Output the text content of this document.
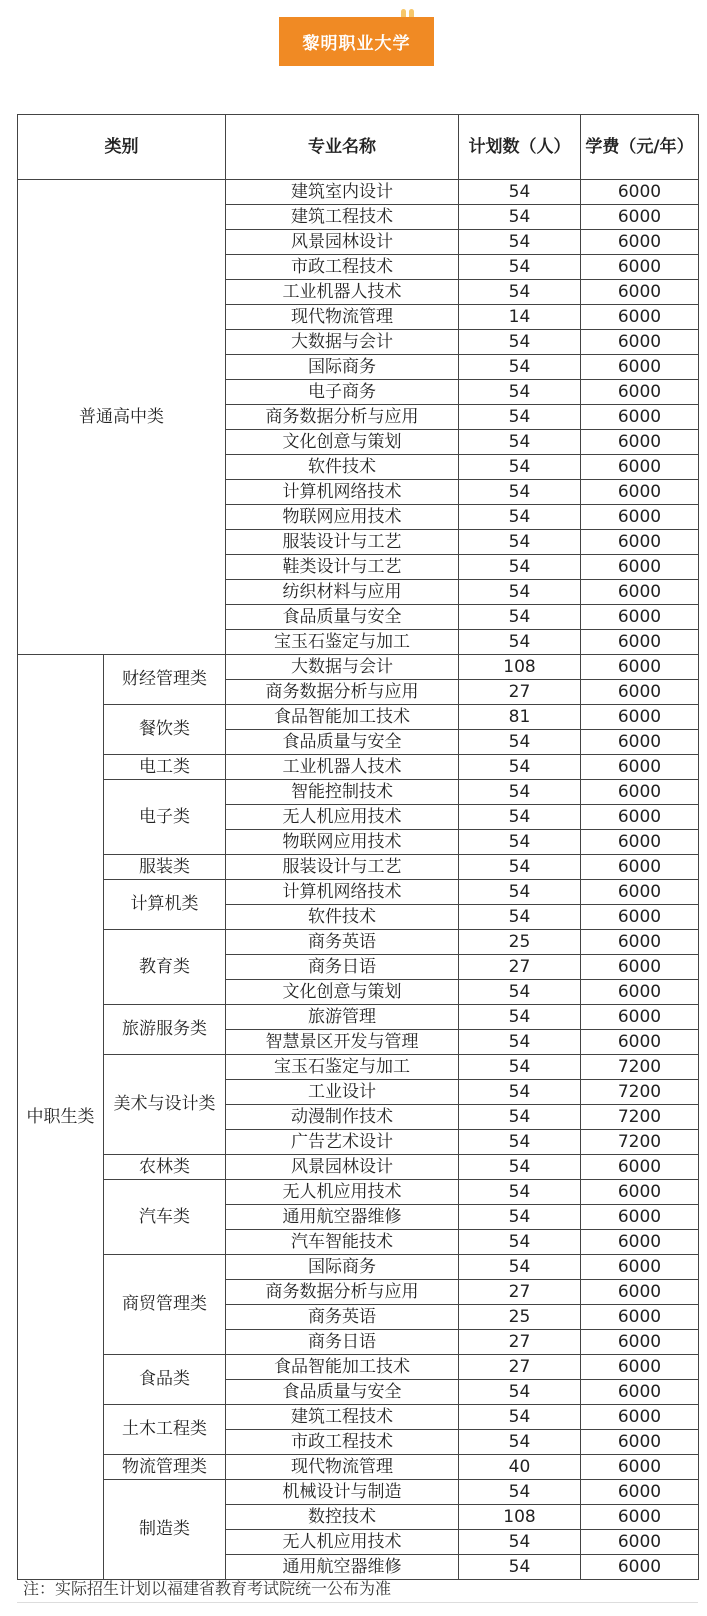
黎明职业大学
类别		专业名称	计划数（人）	学费（元/年）
普通高中类		建筑室内设计	54	6000
		建筑工程技术	54	6000
		风景园林设计	54	6000
		市政工程技术	54	6000
		工业机器人技术	54	6000
		现代物流管理	14	6000
		大数据与会计	54	6000
		国际商务	54	6000
		电子商务	54	6000
		商务数据分析与应用	54	6000
		文化创意与策划	54	6000
		软件技术	54	6000
		计算机网络技术	54	6000
		物联网应用技术	54	6000
		服装设计与工艺	54	6000
		鞋类设计与工艺	54	6000
		纺织材料与应用	54	6000
		食品质量与安全	54	6000
		宝玉石鉴定与加工	54	6000
中职生类	财经管理类	大数据与会计	108	6000
		商务数据分析与应用	27	6000
	餐饮类	食品智能加工技术	81	6000
		食品质量与安全	54	6000
	电工类	工业机器人技术	54	6000
	电子类	智能控制技术	54	6000
		无人机应用技术	54	6000
		物联网应用技术	54	6000
	服装类	服装设计与工艺	54	6000
	计算机类	计算机网络技术	54	6000
		软件技术	54	6000
	教育类	商务英语	25	6000
		商务日语	27	6000
		文化创意与策划	54	6000
	旅游服务类	旅游管理	54	6000
		智慧景区开发与管理	54	6000
	美术与设计类	宝玉石鉴定与加工	54	7200
		工业设计	54	7200
		动漫制作技术	54	7200
		广告艺术设计	54	7200
	农林类	风景园林设计	54	6000
	汽车类	无人机应用技术	54	6000
		通用航空器维修	54	6000
		汽车智能技术	54	6000
	商贸管理类	国际商务	54	6000
		商务数据分析与应用	27	6000
		商务英语	25	6000
		商务日语	27	6000
	食品类	食品智能加工技术	27	6000
		食品质量与安全	54	6000
	土木工程类	建筑工程技术	54	6000
		市政工程技术	54	6000
	物流管理类	现代物流管理	40	6000
	制造类	机械设计与制造	54	6000
		数控技术	108	6000
		无人机应用技术	54	6000
		通用航空器维修	54	6000
注：实际招生计划以福建省教育考试院统一公布为准
